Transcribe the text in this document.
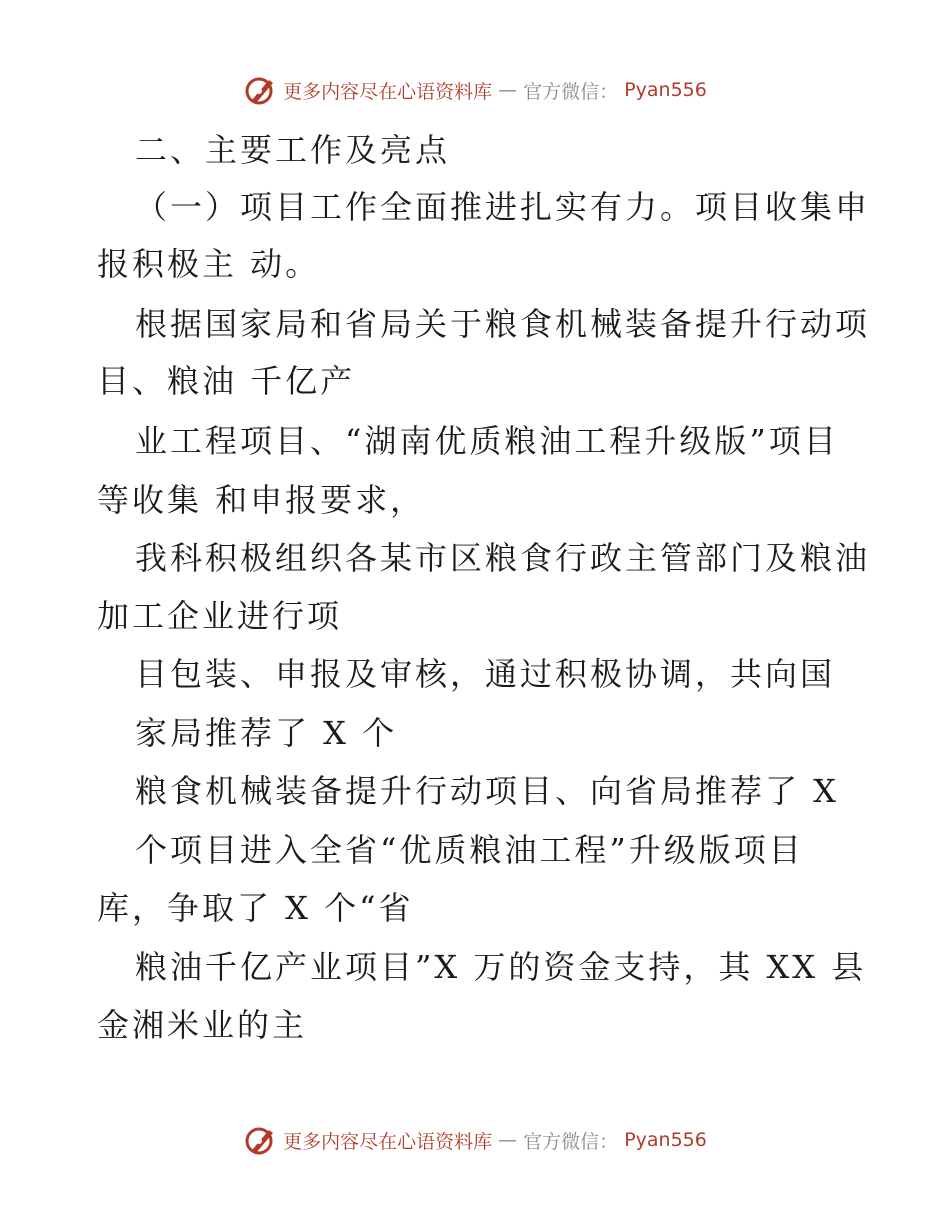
更多内容尽在心语资料库 — 官方微信： Pyan556
二、主要工作及亮点
（一）项目工作全面推进扎实有力。项目收集申
报积极主 动。
根据国家局和省局关于粮食机械装备提升行动项
目、粮油 千亿产
业工程项目、“湖南优质粮油工程升级版”项目
等收集 和申报要求，
我科积极组织各某市区粮食行政主管部门及粮油
加工企业进行项
目包装、申报及审核，通过积极协调，共向国
家局推荐了 X 个
粮食机械装备提升行动项目、向省局推荐了 X
个项目进入全省“优质粮油工程”升级版项目
库，争取了 X 个“省
粮油千亿产业项目”X 万的资金支持，其 XX 县
金湘米业的主
更多内容尽在心语资料库 — 官方微信： Pyan556
